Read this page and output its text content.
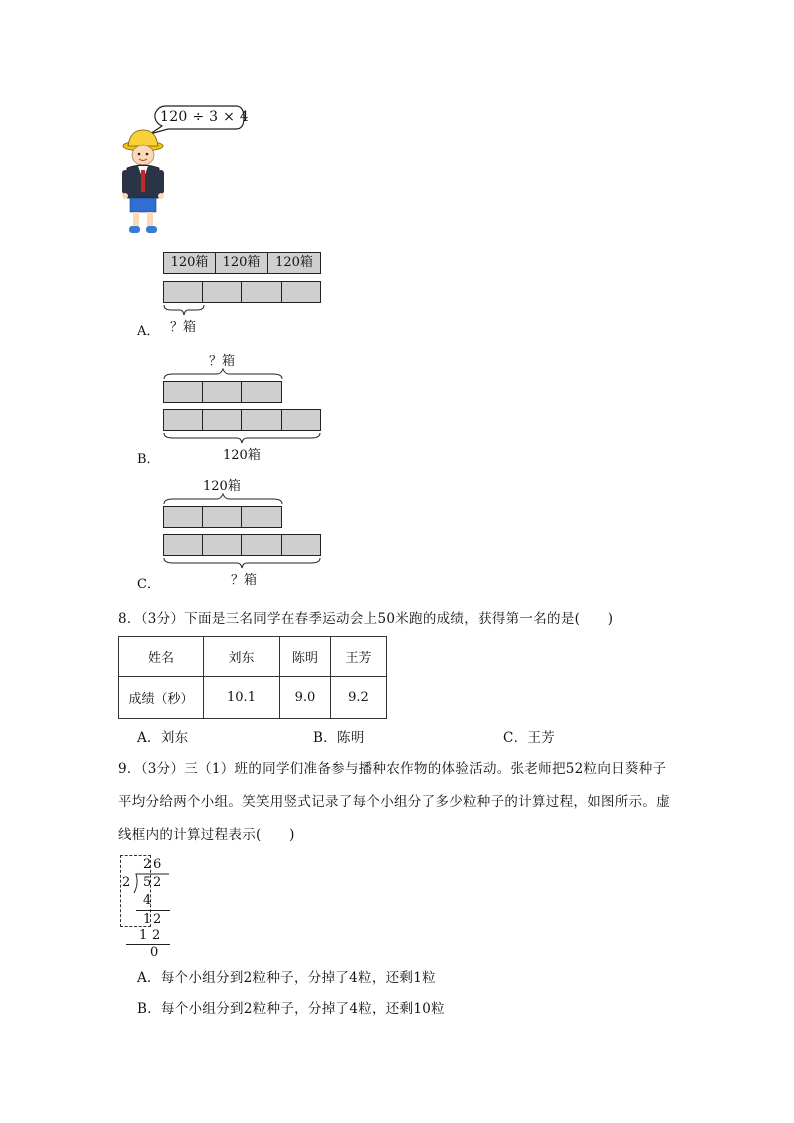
120 ÷ 3 × 4
120箱	120箱	120箱
？箱
A．
？箱
120箱
B．
120箱
？箱
C．
8．（3分）下面是三名同学在春季运动会上50米跑的成绩，获得第一名的是(　　)
姓名	刘东	陈明	王芳
成绩（秒）	10.1	9.0	9.2
A．刘东	B．陈明	C．王芳
9．（3分）三（1）班的同学们准备参与播种农作物的体验活动。张老师把52粒向日葵种子
平均分给两个小组。笑笑用竖式记录了每个小组分了多少粒种子的计算过程，如图所示。虚
线框内的计算过程表示(　　)
2 6
2 5 2
4
1 2
1 2
0
A．每个小组分到2粒种子，分掉了4粒，还剩1粒
B．每个小组分到2粒种子，分掉了4粒，还剩10粒
